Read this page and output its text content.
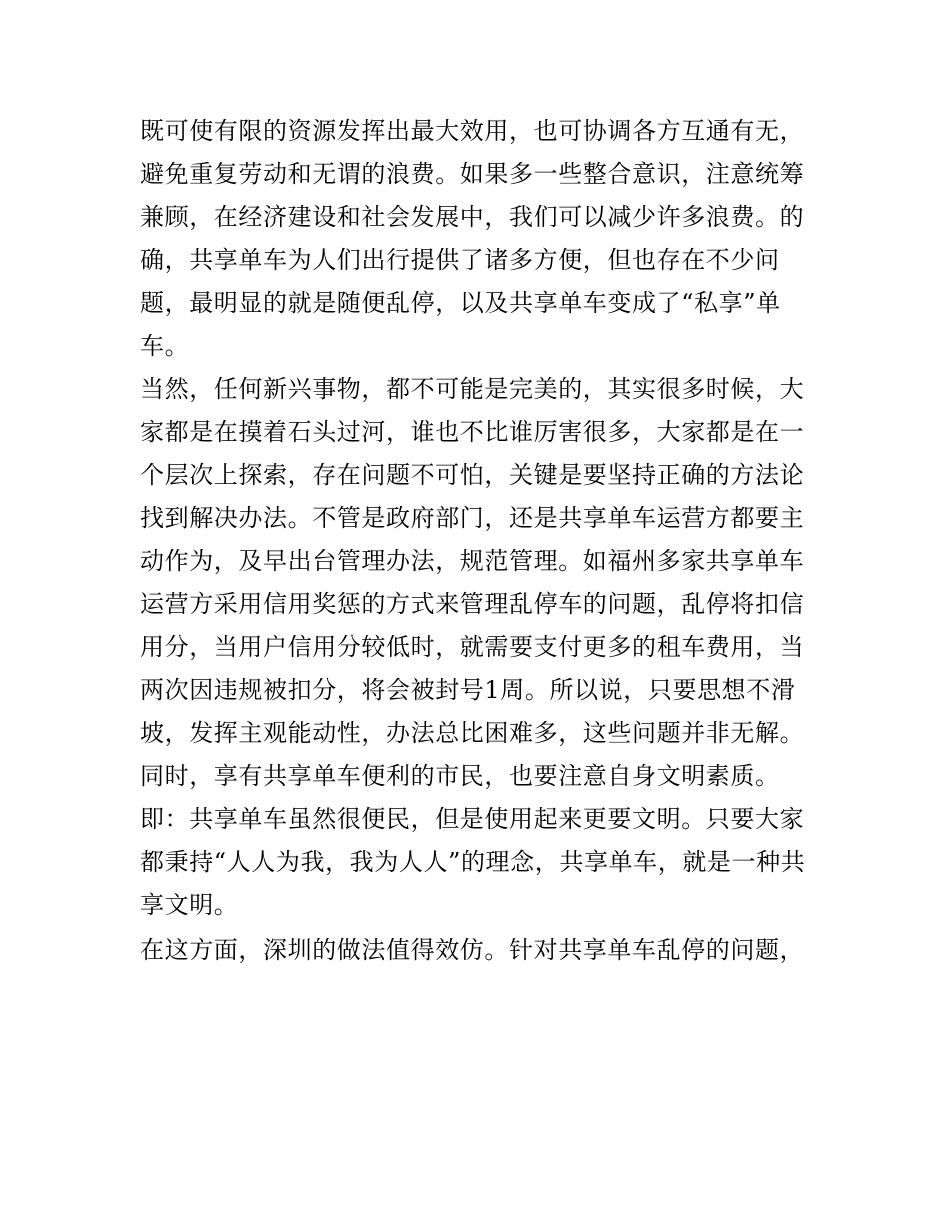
既可使有限的资源发挥出最大效用，也可协调各方互通有无，
避免重复劳动和无谓的浪费。如果多一些整合意识，注意统筹
兼顾，在经济建设和社会发展中，我们可以减少许多浪费。的
确，共享单车为人们出行提供了诸多方便，但也存在不少问
题，最明显的就是随便乱停，以及共享单车变成了“私享”单
车。
当然，任何新兴事物，都不可能是完美的，其实很多时候，大
家都是在摸着石头过河，谁也不比谁厉害很多，大家都是在一
个层次上探索，存在问题不可怕，关键是要坚持正确的方法论
找到解决办法。不管是政府部门，还是共享单车运营方都要主
动作为，及早出台管理办法，规范管理。如福州多家共享单车
运营方采用信用奖惩的方式来管理乱停车的问题，乱停将扣信
用分，当用户信用分较低时，就需要支付更多的租车费用，当
两次因违规被扣分，将会被封号1周。所以说，只要思想不滑
坡，发挥主观能动性，办法总比困难多，这些问题并非无解。
同时，享有共享单车便利的市民，也要注意自身文明素质。
即：共享单车虽然很便民，但是使用起来更要文明。只要大家
都秉持“人人为我，我为人人”的理念，共享单车，就是一种共
享文明。
在这方面，深圳的做法值得效仿。针对共享单车乱停的问题，
